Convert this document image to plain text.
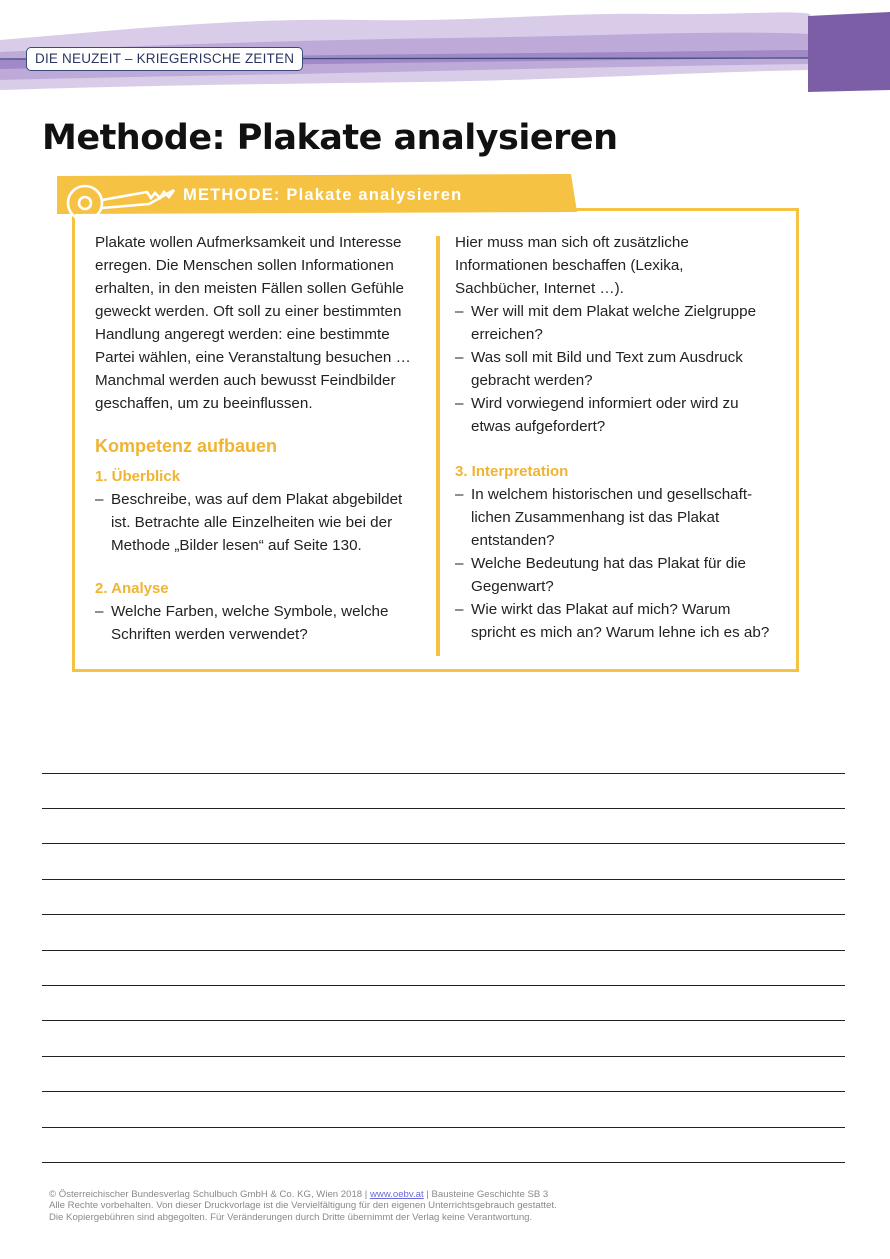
DIE NEUZEIT – KRIEGERISCHE ZEITEN
Methode: Plakate analysieren
METHODE: Plakate analysieren

Plakate wollen Aufmerksamkeit und Interesse

erregen. Die Menschen sollen Informationen

erhalten, in den meisten Fällen sollen Gefühle

geweckt werden. Oft soll zu einer bestimmten

Handlung angeregt werden: eine bestimmte

Partei wählen, eine Veranstaltung besuchen …

Manchmal werden auch bewusst Feindbilder

geschaffen, um zu beeinflussen.

Kompetenz aufbauen

1. Überblick

– Beschreibe, was auf dem Plakat abgebildet

ist. Betrachte alle Einzelheiten wie bei der

Methode „Bilder lesen“ auf Seite 130.

2. Analyse

– Welche Farben, welche Symbole, welche

Schriften werden verwendet?

Hier muss man sich oft zusätzliche

Informationen beschaffen (Lexika,

Sachbücher, Internet …).

– Wer will mit dem Plakat welche Zielgruppe

erreichen?

– Was soll mit Bild und Text zum Ausdruck

gebracht werden?

– Wird vorwiegend informiert oder wird zu

etwas aufgefordert?

3. Interpretation

– In welchem historischen und gesellschaft-

lichen Zusammenhang ist das Plakat

entstanden?

– Welche Bedeutung hat das Plakat für die

Gegenwart?

– Wie wirkt das Plakat auf mich? Warum

spricht es mich an? Warum lehne ich es ab?

© Österreichischer Bundesverlag Schulbuch GmbH & Co. KG, Wien 2018 | www.oebv.at | Bausteine Geschichte SB 3
Alle Rechte vorbehalten. Von dieser Druckvorlage ist die Vervielfältigung für den eigenen Unterrichtsgebrauch gestattet.
Die Kopiergebühren sind abgegolten. Für Veränderungen durch Dritte übernimmt der Verlag keine Verantwortung.
